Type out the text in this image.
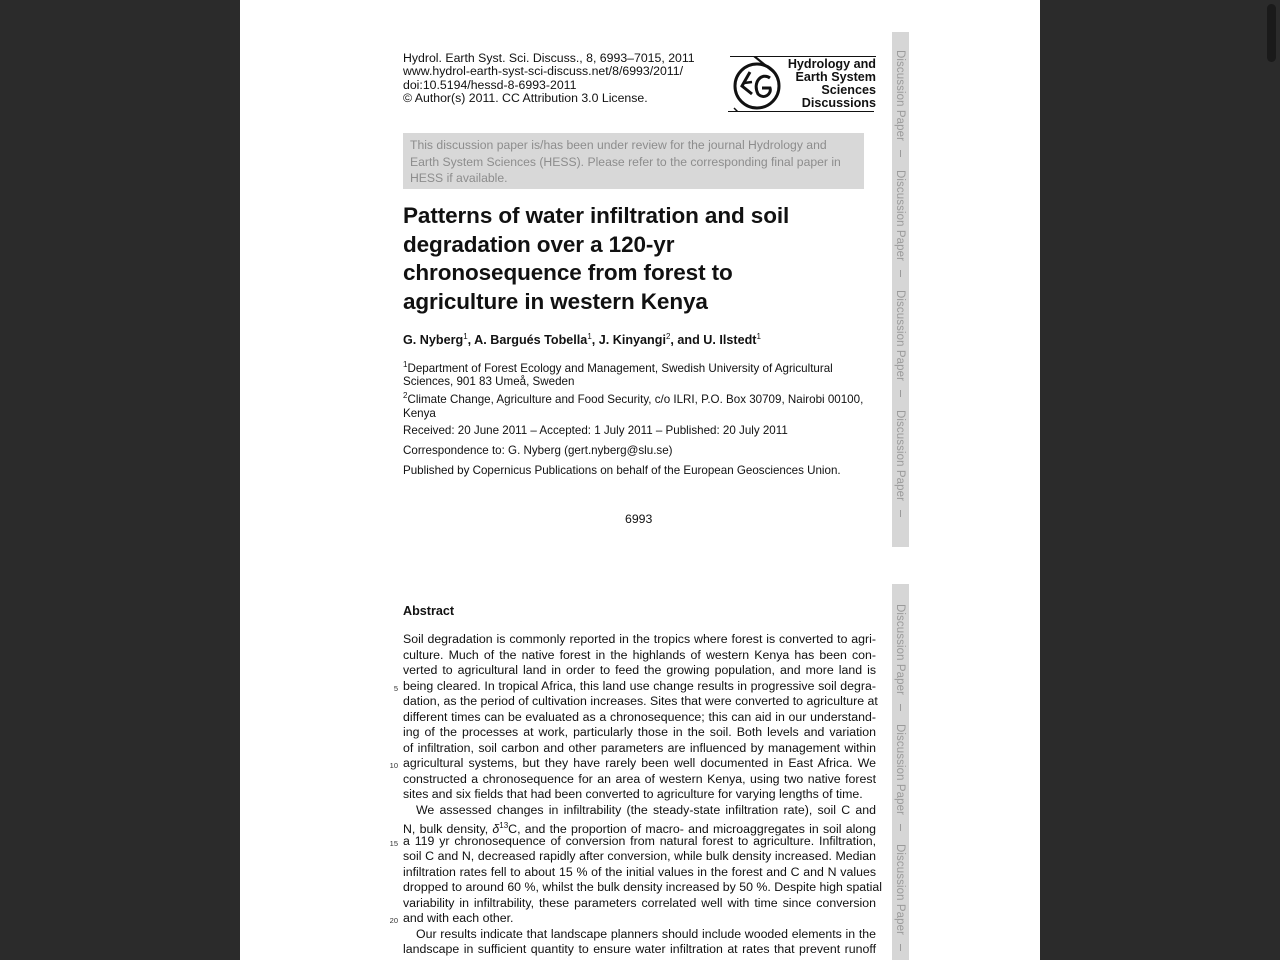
Discussion Paper
Discussion Paper
Discussion Paper
Discussion Paper
Discussion Paper
Discussion Paper
Discussion Paper
Hydrol. Earth Syst. Sci. Discuss., 8, 6993–7015, 2011
www.hydrol-earth-syst-sci-discuss.net/8/6993/2011/
doi:10.5194/hessd-8-6993-2011
© Author(s) 2011. CC Attribution 3.0 License.
Hydrology and
Earth System
Sciences
Discussions
This discussion paper is/has been under review for the journal Hydrology and Earth System Sciences (HESS). Please refer to the corresponding final paper in HESS if available.
Patterns of water infiltration and soil
degradation over a 120-yr
chronosequence from forest to
agriculture in western Kenya
G. Nyberg$^1$, A. Bargués Tobella$^1$, J. Kinyangi$^2$, and U. Ilstedt$^1$
$^1$Department of Forest Ecology and Management, Swedish University of Agricultural
Sciences, 901 83 Umeå, Sweden
$^2$Climate Change, Agriculture and Food Security, c/o ILRI, P.O. Box 30709, Nairobi 00100,
Kenya
Received: 20 June 2011 – Accepted: 1 July 2011 – Published: 20 July 2011
Correspondence to: G. Nyberg (gert.nyberg@slu.se)
Published by Copernicus Publications on behalf of the European Geosciences Union.
6993
Abstract
Soil degradation is commonly reported in the tropics where forest is converted to agri-
culture. Much of the native forest in the highlands of western Kenya has been con-
verted to agricultural land in order to feed the growing population, and more land is
being cleared. In tropical Africa, this land use change results in progressive soil degra-
dation, as the period of cultivation increases. Sites that were converted to agriculture at
different times can be evaluated as a chronosequence; this can aid in our understand-
ing of the processes at work, particularly those in the soil. Both levels and variation
of infiltration, soil carbon and other parameters are influenced by management within
agricultural systems, but they have rarely been well documented in East Africa. We
constructed a chronosequence for an area of western Kenya, using two native forest
sites and six fields that had been converted to agriculture for varying lengths of time.
We assessed changes in infiltrability (the steady-state infiltration rate), soil C and
N, bulk density, $\delta^{13}C$, and the proportion of macro- and microaggregates in soil along
a 119 yr chronosequence of conversion from natural forest to agriculture. Infiltration,
soil C and N, decreased rapidly after conversion, while bulk density increased. Median
infiltration rates fell to about 15 % of the initial values in the forest and C and N values
dropped to around 60 %, whilst the bulk density increased by 50 %. Despite high spatial
variability in infiltrability, these parameters correlated well with time since conversion
and with each other.
Our results indicate that landscape planners should include wooded elements in the
landscape in sufficient quantity to ensure water infiltration at rates that prevent runoff
5
10
15
20
